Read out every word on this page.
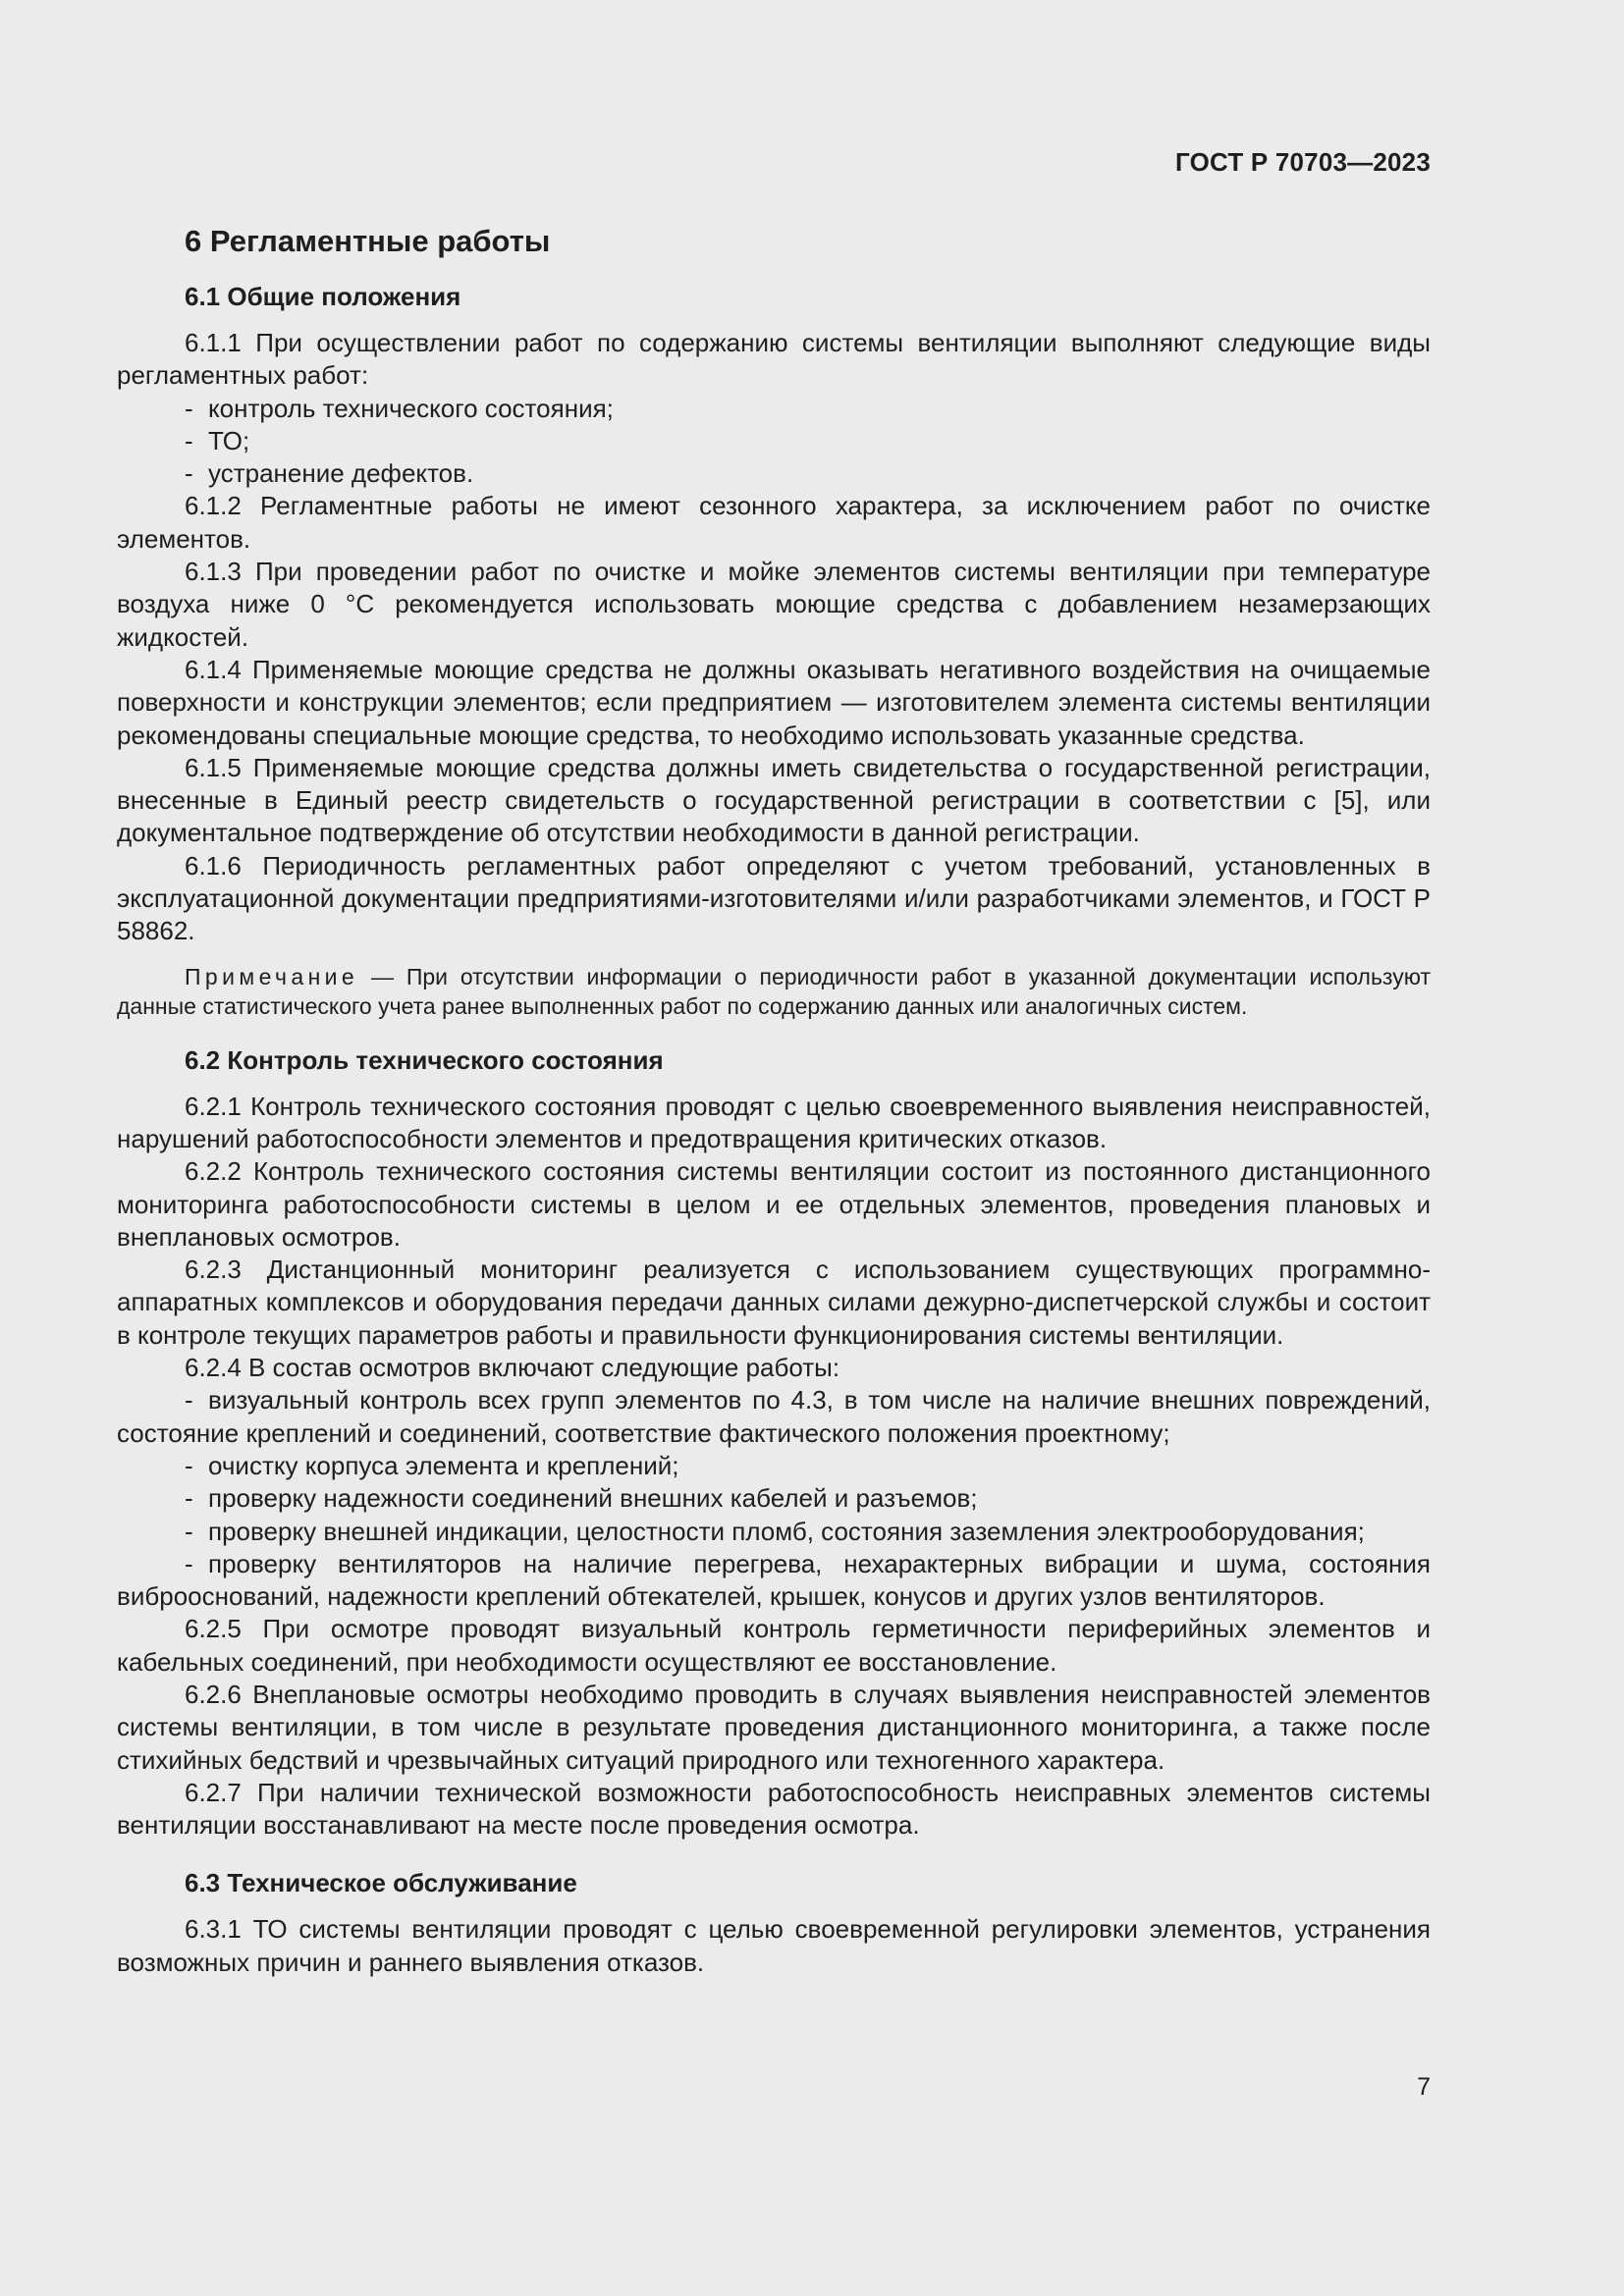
ГОСТ Р 70703—2023
6 Регламентные работы
6.1 Общие положения

6.1.1 При осуществлении работ по содержанию системы вентиляции выполняют следующие виды регламентных работ:

- контроль технического состояния;

- ТО;

- устранение дефектов.

6.1.2 Регламентные работы не имеют сезонного характера, за исключением работ по очистке элементов.

6.1.3 При проведении работ по очистке и мойке элементов системы вентиляции при температуре воздуха ниже 0 °С рекомендуется использовать моющие средства с добавлением незамерзающих жидкостей.

6.1.4 Применяемые моющие средства не должны оказывать негативного воздействия на очищаемые поверхности и конструкции элементов; если предприятием — изготовителем элемента системы вентиляции рекомендованы специальные моющие средства, то необходимо использовать указанные средства.

6.1.5 Применяемые моющие средства должны иметь свидетельства о государственной регистрации, внесенные в Единый реестр свидетельств о государственной регистрации в соответствии с [5], или документальное подтверждение об отсутствии необходимости в данной регистрации.

6.1.6 Периодичность регламентных работ определяют с учетом требований, установленных в эксплуатационной документации предприятиями-изготовителями и/или разработчиками элементов, и ГОСТ Р 58862.

Примечание — При отсутствии информации о периодичности работ в указанной документации используют данные статистического учета ранее выполненных работ по содержанию данных или аналогичных систем.

6.2 Контроль технического состояния

6.2.1 Контроль технического состояния проводят с целью своевременного выявления неисправностей, нарушений работоспособности элементов и предотвращения критических отказов.

6.2.2 Контроль технического состояния системы вентиляции состоит из постоянного дистанционного мониторинга работоспособности системы в целом и ее отдельных элементов, проведения плановых и внеплановых осмотров.

6.2.3 Дистанционный мониторинг реализуется с использованием существующих программно-аппаратных комплексов и оборудования передачи данных силами дежурно-диспетчерской службы и состоит в контроле текущих параметров работы и правильности функционирования системы вентиляции.

6.2.4 В состав осмотров включают следующие работы:

- визуальный контроль всех групп элементов по 4.3, в том числе на наличие внешних повреждений, состояние креплений и соединений, соответствие фактического положения проектному;

- очистку корпуса элемента и креплений;

- проверку надежности соединений внешних кабелей и разъемов;

- проверку внешней индикации, целостности пломб, состояния заземления электрооборудования;

- проверку вентиляторов на наличие перегрева, нехарактерных вибрации и шума, состояния виброоснований, надежности креплений обтекателей, крышек, конусов и других узлов вентиляторов.

6.2.5 При осмотре проводят визуальный контроль герметичности периферийных элементов и кабельных соединений, при необходимости осуществляют ее восстановление.

6.2.6 Внеплановые осмотры необходимо проводить в случаях выявления неисправностей элементов системы вентиляции, в том числе в результате проведения дистанционного мониторинга, а также после стихийных бедствий и чрезвычайных ситуаций природного или техногенного характера.

6.2.7 При наличии технической возможности работоспособность неисправных элементов системы вентиляции восстанавливают на месте после проведения осмотра.

6.3 Техническое обслуживание

6.3.1 ТО системы вентиляции проводят с целью своевременной регулировки элементов, устранения возможных причин и раннего выявления отказов.

7
